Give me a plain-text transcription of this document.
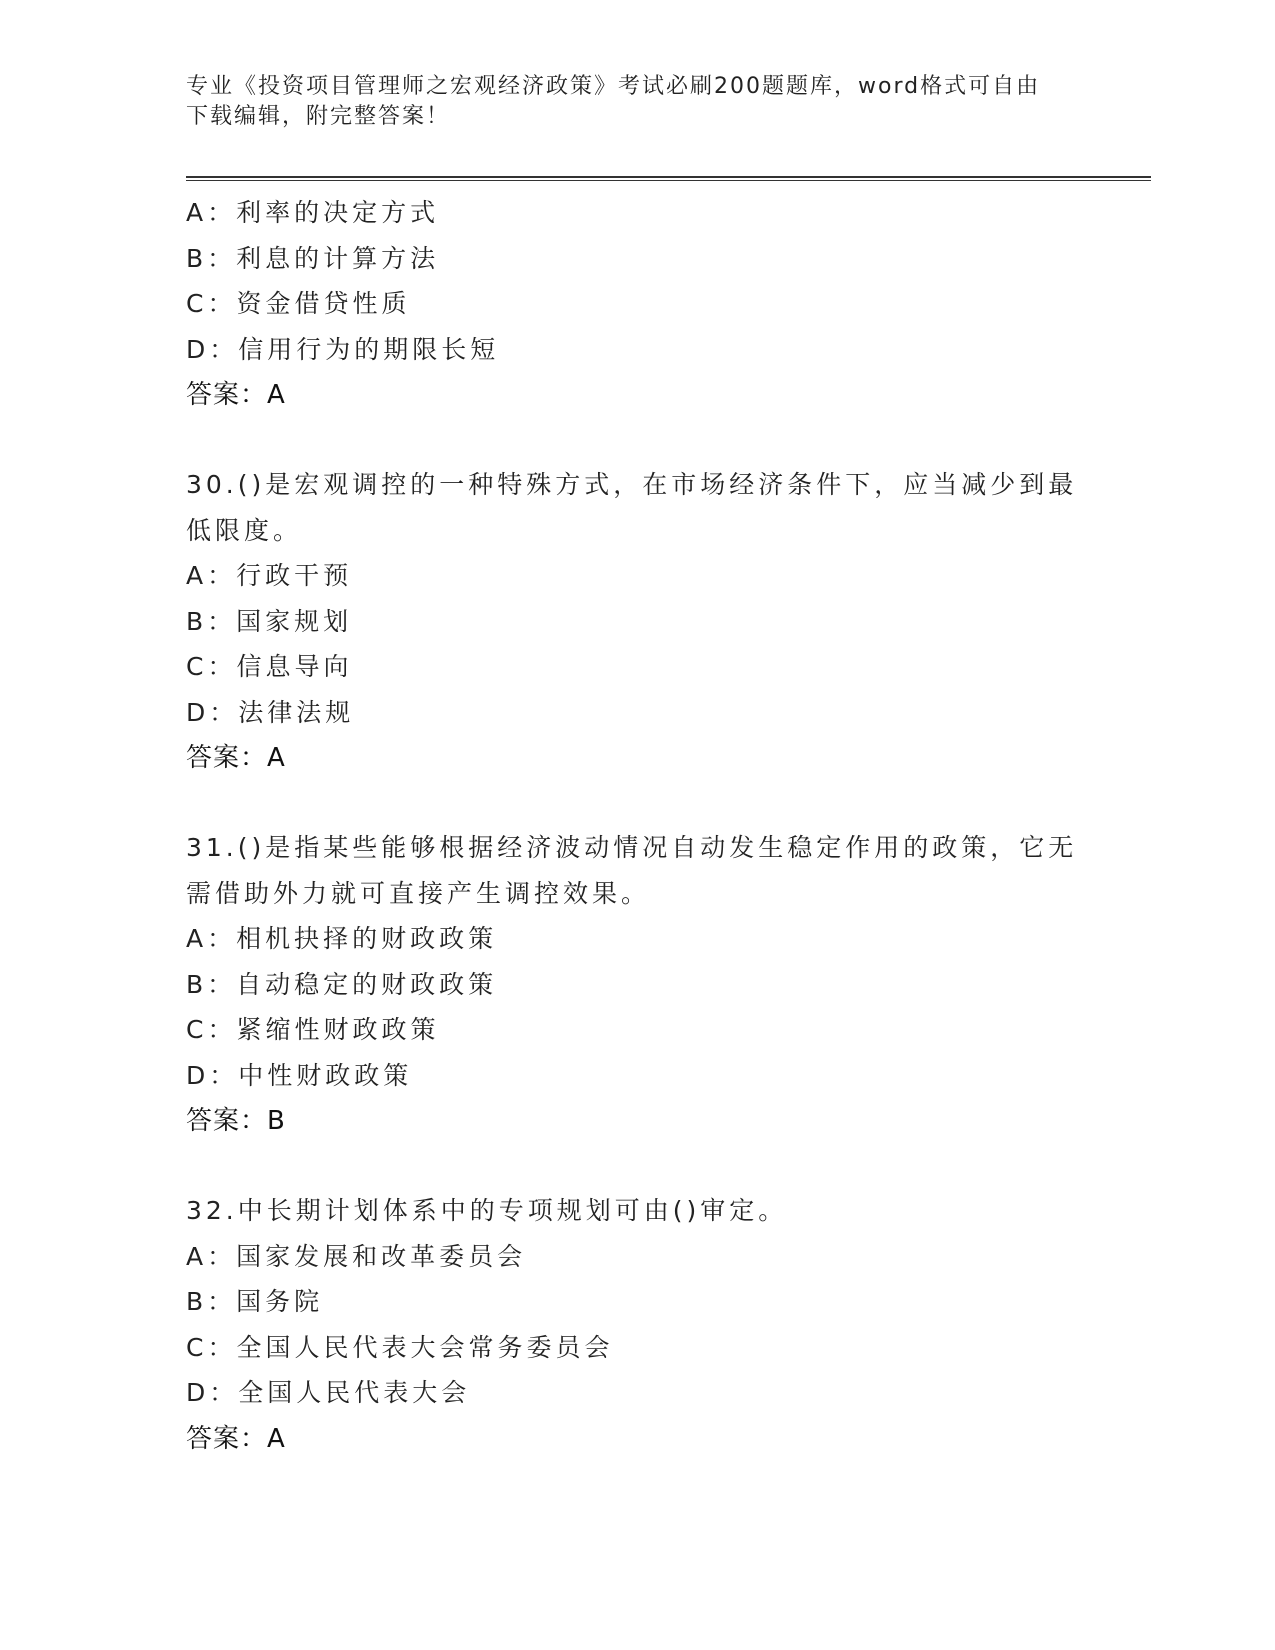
专业《投资项目管理师之宏观经济政策》考试必刷200题题库，word格式可自由
下载编辑，附完整答案！
A：利率的决定方式
B：利息的计算方法
C：资金借贷性质
D：信用行为的期限长短
答案：A
30.()是宏观调控的一种特殊方式，在市场经济条件下，应当减少到最
低限度。
A：行政干预
B：国家规划
C：信息导向
D：法律法规
答案：A
31.()是指某些能够根据经济波动情况自动发生稳定作用的政策，它无
需借助外力就可直接产生调控效果。
A：相机抉择的财政政策
B：自动稳定的财政政策
C：紧缩性财政政策
D：中性财政政策
答案：B
32.中长期计划体系中的专项规划可由()审定。
A：国家发展和改革委员会
B：国务院
C：全国人民代表大会常务委员会
D：全国人民代表大会
答案：A
